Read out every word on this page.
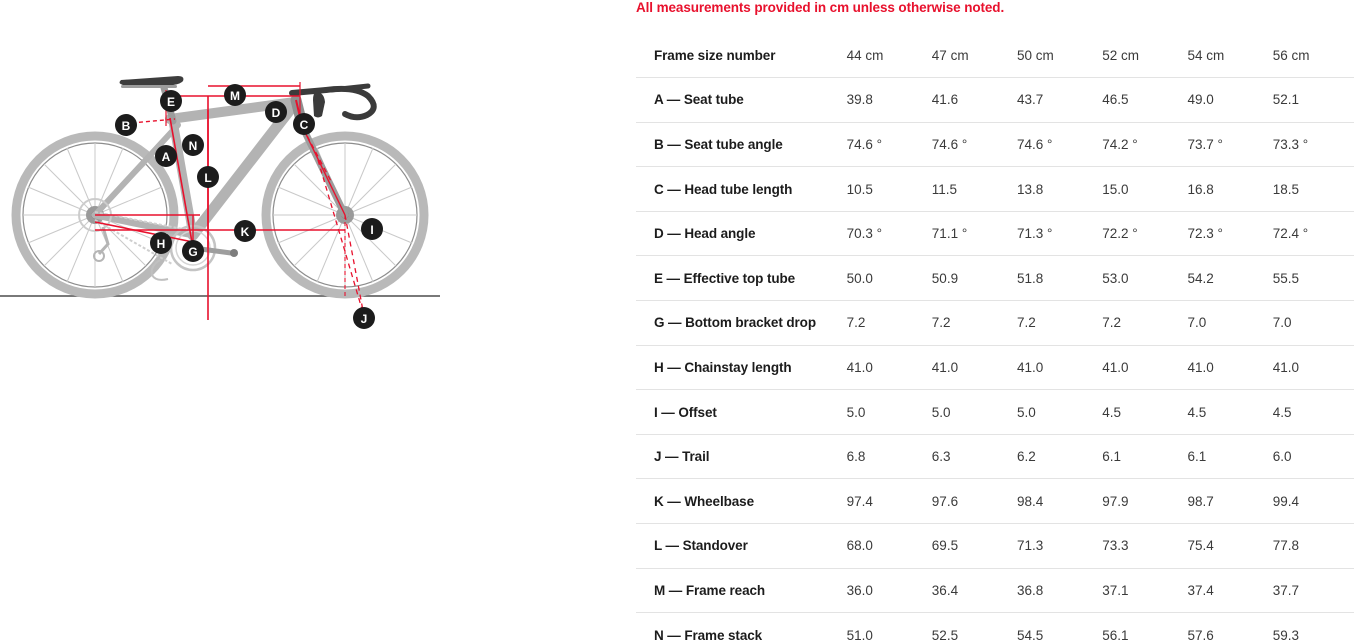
A
B	C
D
E
G
H
I
J
K
L
M
N
All measurements provided in cm unless otherwise noted.
Frame size number	44 cm	47 cm	50 cm	52 cm	54 cm	56 cm
A — Seat tube	39.8	41.6	43.7	46.5	49.0	52.1
B — Seat tube angle	74.6 °	74.6 °	74.6 °	74.2 °	73.7 °	73.3 °
C — Head tube length	10.5	11.5	13.8	15.0	16.8	18.5
D — Head angle	70.3 °	71.1 °	71.3 °	72.2 °	72.3 °	72.4 °
E — Effective top tube	50.0	50.9	51.8	53.0	54.2	55.5
G — Bottom bracket drop	7.2	7.2	7.2	7.2	7.0	7.0
H — Chainstay length	41.0	41.0	41.0	41.0	41.0	41.0
I — Offset	5.0	5.0	5.0	4.5	4.5	4.5
J — Trail	6.8	6.3	6.2	6.1	6.1	6.0
K — Wheelbase	97.4	97.6	98.4	97.9	98.7	99.4
L — Standover	68.0	69.5	71.3	73.3	75.4	77.8
M — Frame reach	36.0	36.4	36.8	37.1	37.4	37.7
N — Frame stack	51.0	52.5	54.5	56.1	57.6	59.3
